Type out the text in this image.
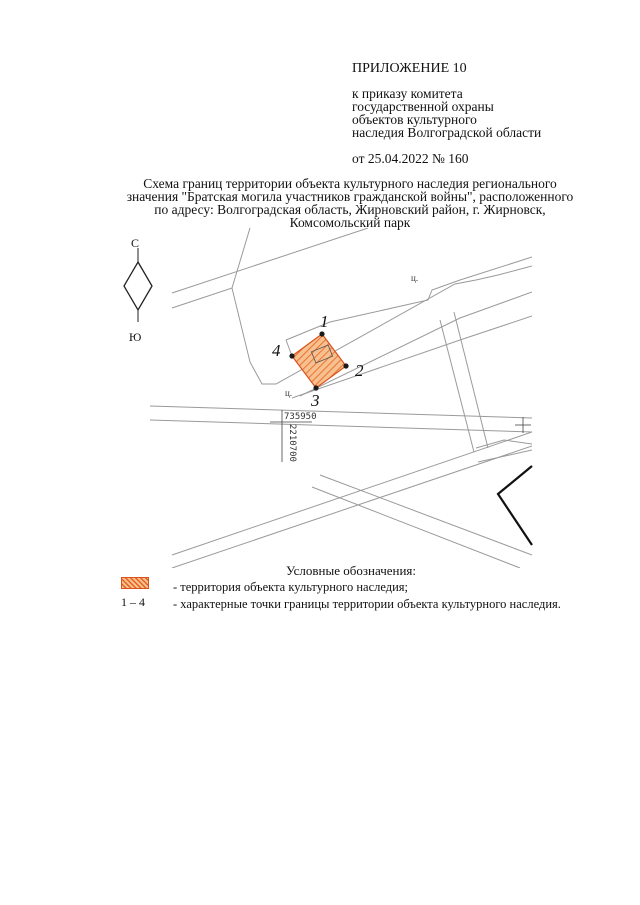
ПРИЛОЖЕНИЕ 10
к приказу комитета
государственной охраны
объектов культурного
наследия Волгоградской области
от 25.04.2022 № 160
Схема границ территории объекта культурного наследия регионального
значения "Братская могила участников гражданской войны", расположенного
по адресу: Волгоградская область, Жирновский район, г. Жирновск,
Комсомольский парк
735950
2210700
ц.
ц.
1
2
3
4
С
Ю
Условные обозначения:
1 – 4
- территория объекта культурного наследия;
- характерные точки границы территории объекта культурного наследия.
